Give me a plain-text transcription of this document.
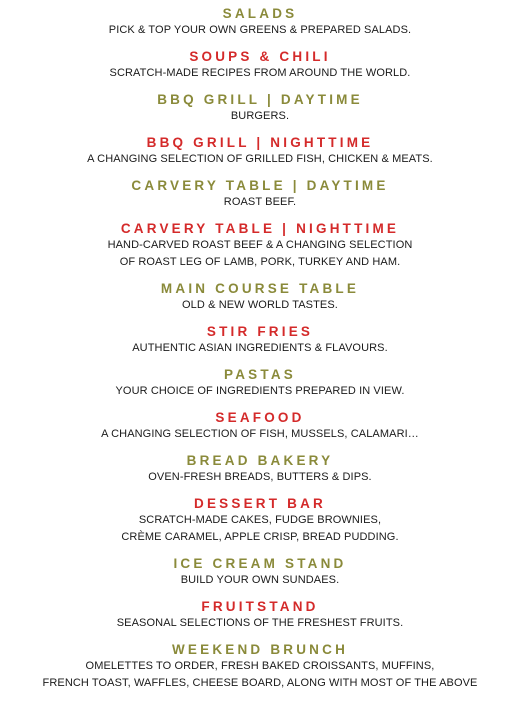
SALADS
PICK & TOP YOUR OWN GREENS & PREPARED SALADS.
SOUPS & CHILI
SCRATCH-MADE RECIPES FROM AROUND THE WORLD.
BBQ GRILL | DAYTIME
BURGERS.
BBQ GRILL | NIGHTTIME
A CHANGING SELECTION OF GRILLED FISH, CHICKEN & MEATS.
CARVERY TABLE | DAYTIME
ROAST BEEF.
CARVERY TABLE | NIGHTTIME
HAND-CARVED ROAST BEEF & A CHANGING SELECTION
OF ROAST LEG OF LAMB, PORK, TURKEY AND HAM.
MAIN COURSE TABLE
OLD & NEW WORLD TASTES.
STIR FRIES
AUTHENTIC ASIAN INGREDIENTS & FLAVOURS.
PASTAS
YOUR CHOICE OF INGREDIENTS PREPARED IN VIEW.
SEAFOOD
A CHANGING SELECTION OF FISH, MUSSELS, CALAMARI…
BREAD BAKERY
OVEN-FRESH BREADS, BUTTERS & DIPS.
DESSERT BAR
SCRATCH-MADE CAKES, FUDGE BROWNIES,
CRÈME CARAMEL, APPLE CRISP, BREAD PUDDING.
ICE CREAM STAND
BUILD YOUR OWN SUNDAES.
FRUITSTAND
SEASONAL SELECTIONS OF THE FRESHEST FRUITS.
WEEKEND BRUNCH
OMELETTES TO ORDER, FRESH BAKED CROISSANTS, MUFFINS,
FRENCH TOAST, WAFFLES, CHEESE BOARD, ALONG WITH MOST OF THE ABOVE
